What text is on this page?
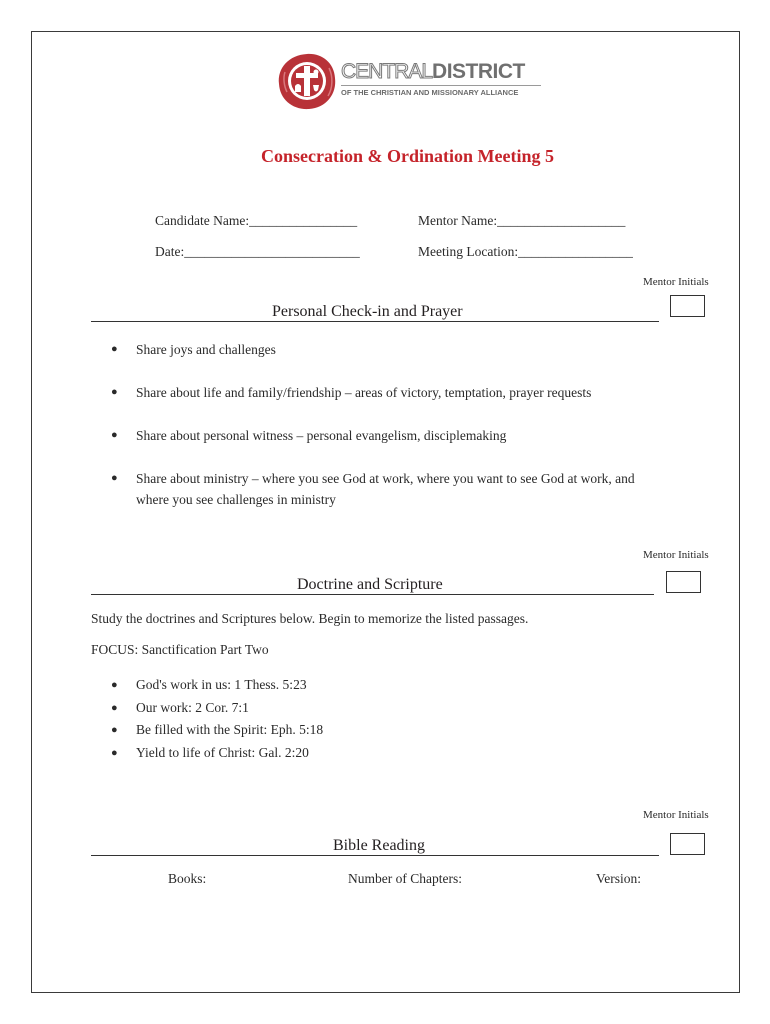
CENTRALDISTRICT
OF THE CHRISTIAN AND MISSIONARY ALLIANCE
Consecration & Ordination Meeting 5
Candidate Name:________________	Mentor Name:___________________
Date:__________________________	Meeting Location:_________________
Mentor Initials
Personal Check-in and Prayer
● Share joys and challenges
● Share about life and family/friendship – areas of victory, temptation, prayer requests
● Share about personal witness – personal evangelism, disciplemaking
● Share about ministry – where you see God at work, where you want to see God at work, and
where you see challenges in ministry
Mentor Initials
Doctrine and Scripture
Study the doctrines and Scriptures below. Begin to memorize the listed passages.
FOCUS: Sanctification Part Two
● God's work in us: 1 Thess. 5:23
● Our work: 2 Cor. 7:1
● Be filled with the Spirit: Eph. 5:18
● Yield to life of Christ: Gal. 2:20
Mentor Initials
Bible Reading
Books:	Number of Chapters:	Version:
